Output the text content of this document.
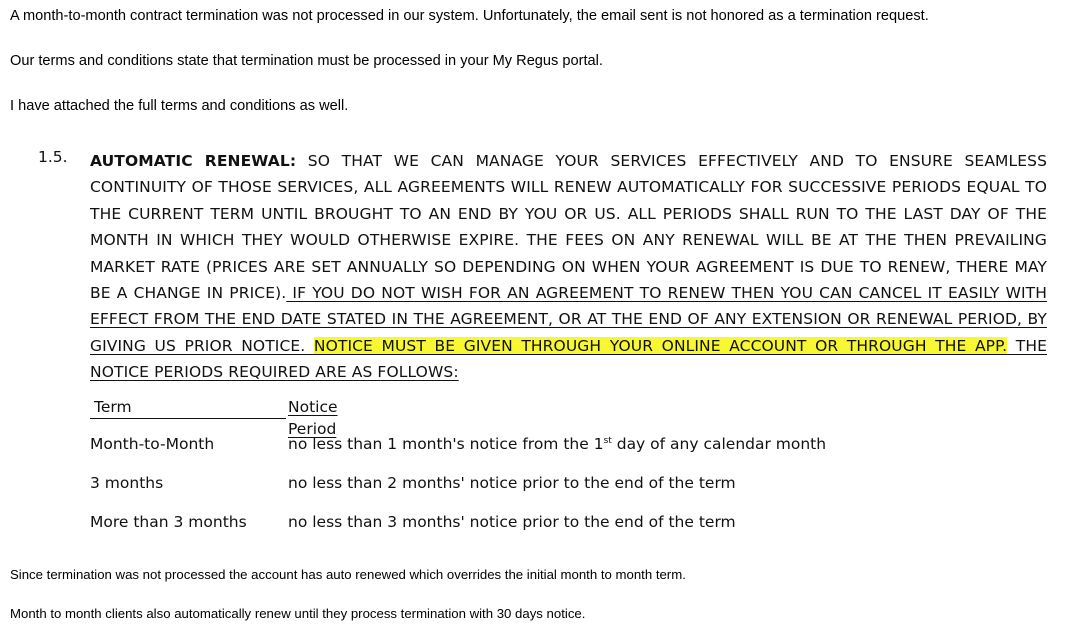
A month-to-month contract termination was not processed in our system. Unfortunately, the email sent is not honored as a termination request.
Our terms and conditions state that termination must be processed in your My Regus portal.
I have attached the full terms and conditions as well.
1.5. AUTOMATIC RENEWAL: SO THAT WE CAN MANAGE YOUR SERVICES EFFECTIVELY AND TO ENSURE SEAMLESS CONTINUITY OF THOSE SERVICES, ALL AGREEMENTS WILL RENEW AUTOMATICALLY FOR SUCCESSIVE PERIODS EQUAL TO THE CURRENT TERM UNTIL BROUGHT TO AN END BY YOU OR US. ALL PERIODS SHALL RUN TO THE LAST DAY OF THE MONTH IN WHICH THEY WOULD OTHERWISE EXPIRE. THE FEES ON ANY RENEWAL WILL BE AT THE THEN PREVAILING MARKET RATE (PRICES ARE SET ANNUALLY SO DEPENDING ON WHEN YOUR AGREEMENT IS DUE TO RENEW, THERE MAY BE A CHANGE IN PRICE). IF YOU DO NOT WISH FOR AN AGREEMENT TO RENEW THEN YOU CAN CANCEL IT EASILY WITH EFFECT FROM THE END DATE STATED IN THE AGREEMENT, OR AT THE END OF ANY EXTENSION OR RENEWAL PERIOD, BY GIVING US PRIOR NOTICE. NOTICE MUST BE GIVEN THROUGH YOUR ONLINE ACCOUNT OR THROUGH THE APP. THE NOTICE PERIODS REQUIRED ARE AS FOLLOWS:
Term	Notice Period
Month-to-Month	no less than 1 month's notice from the 1st day of any calendar month
3 months	no less than 2 months' notice prior to the end of the term
More than 3 months	no less than 3 months' notice prior to the end of the term
Since termination was not processed the account has auto renewed which overrides the initial month to month term.
Month to month clients also automatically renew until they process termination with 30 days notice.
